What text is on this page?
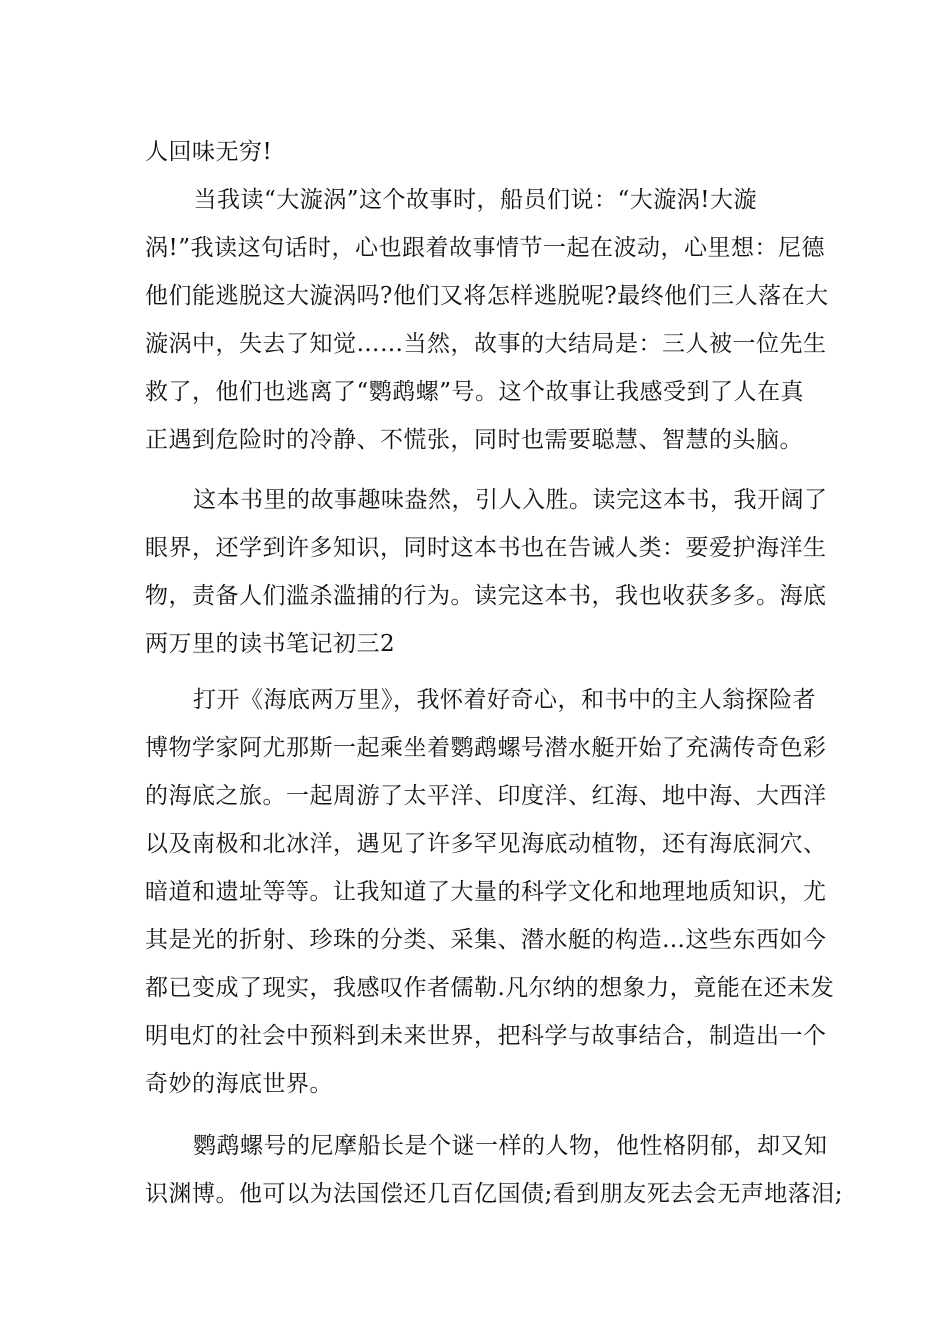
人回味无穷!
　当我读“大漩涡”这个故事时，船员们说：“大漩涡!大漩
涡!”我读这句话时，心也跟着故事情节一起在波动，心里想：尼德
他们能逃脱这大漩涡吗?他们又将怎样逃脱呢?最终他们三人落在大
漩涡中，失去了知觉……当然，故事的大结局是：三人被一位先生
救了，他们也逃离了“鹦鹉螺”号。这个故事让我感受到了人在真
正遇到危险时的冷静、不慌张，同时也需要聪慧、智慧的头脑。
这本书里的故事趣味盎然，引人入胜。读完这本书，我开阔了
眼界，还学到许多知识，同时这本书也在告诫人类：要爱护海洋生
物，责备人们滥杀滥捕的行为。读完这本书，我也收获多多。海底
两万里的读书笔记初三2
打开《海底两万里》，我怀着好奇心，和书中的主人翁探险者
博物学家阿尤那斯一起乘坐着鹦鹉螺号潜水艇开始了充满传奇色彩
的海底之旅。一起周游了太平洋、印度洋、红海、地中海、大西洋
以及南极和北冰洋，遇见了许多罕见海底动植物，还有海底洞穴、
暗道和遗址等等。让我知道了大量的科学文化和地理地质知识，尤
其是光的折射、珍珠的分类、采集、潜水艇的构造…这些东西如今
都已变成了现实，我感叹作者儒勒.凡尔纳的想象力，竟能在还未发
明电灯的社会中预料到未来世界，把科学与故事结合，制造出一个
奇妙的海底世界。
鹦鹉螺号的尼摩船长是个谜一样的人物，他性格阴郁，却又知
识渊博。他可以为法国偿还几百亿国债;看到朋友死去会无声地落泪;
